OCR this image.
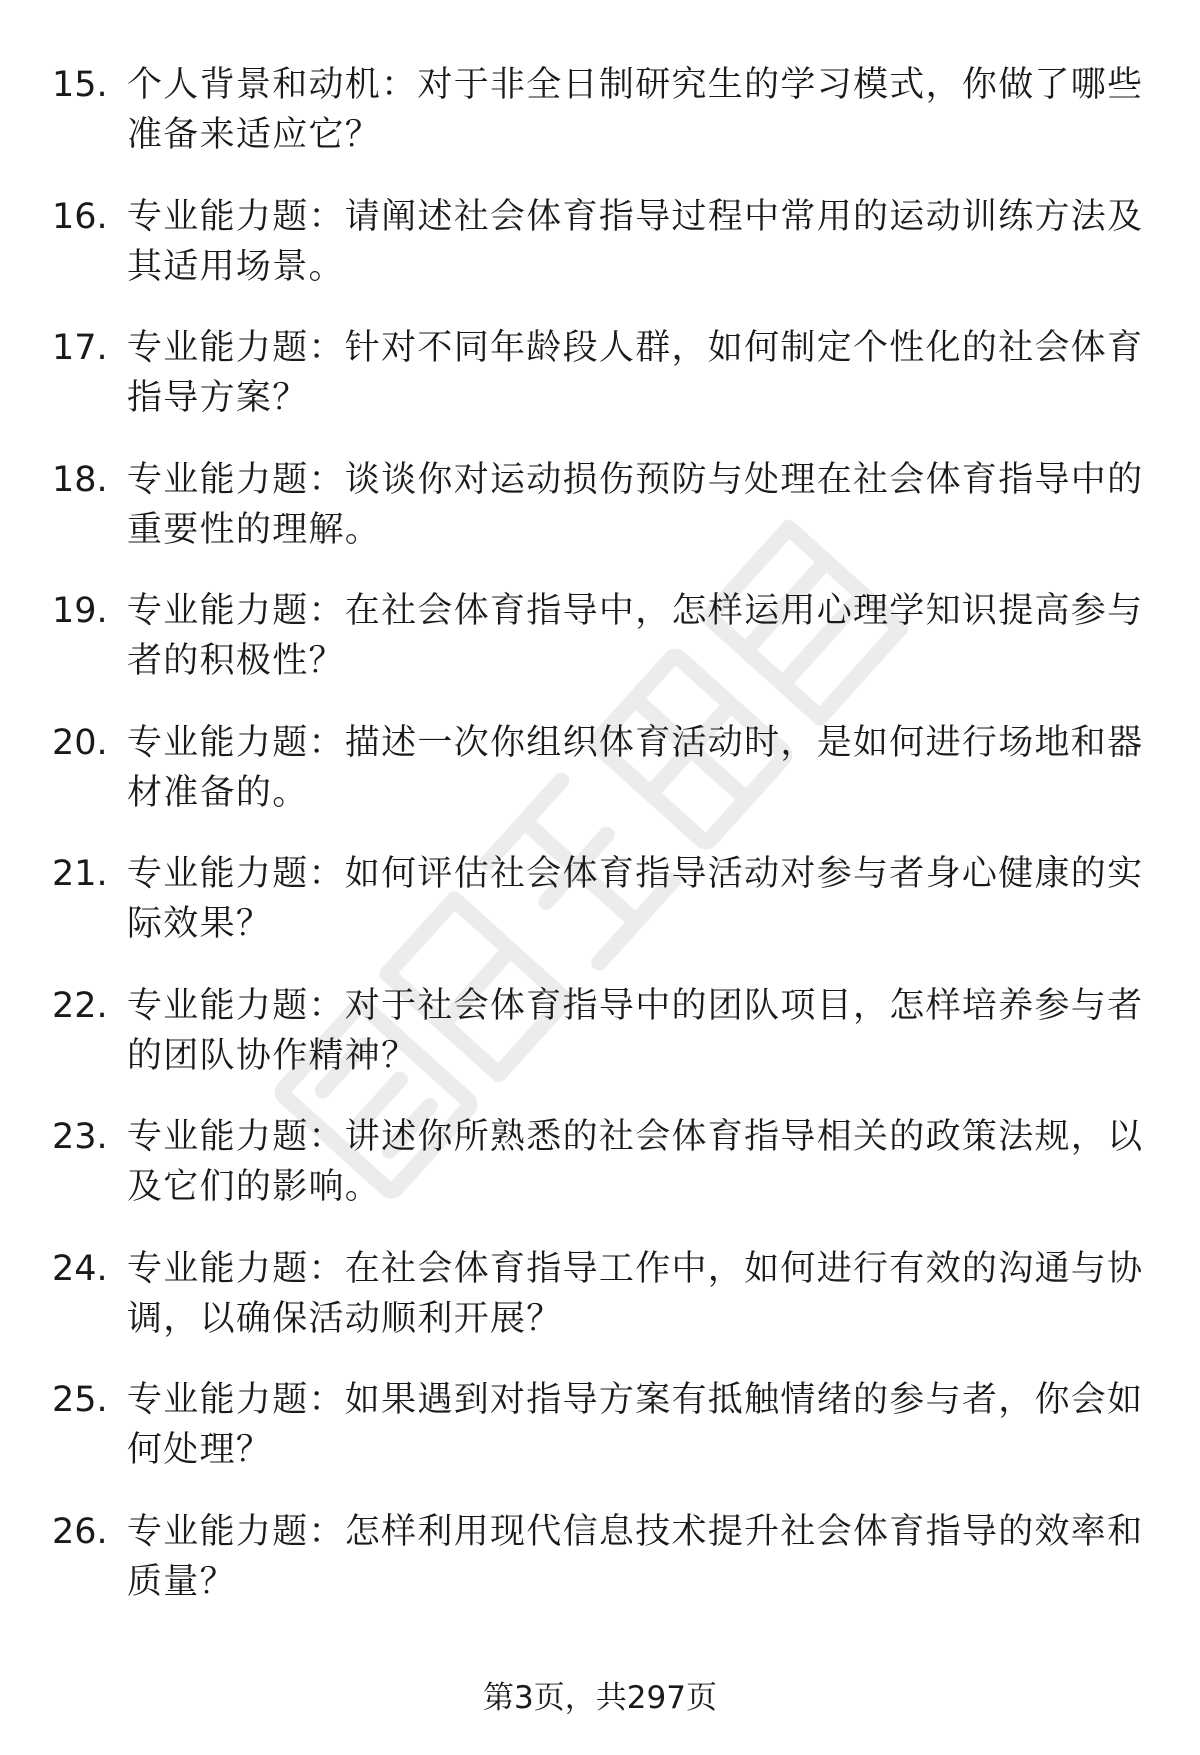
15. 个人背景和动机：对于非全日制研究生的学习模式，你做了哪些准备来适应它？
16. 专业能力题：请阐述社会体育指导过程中常用的运动训练方法及其适用场景。
17. 专业能力题：针对不同年龄段人群，如何制定个性化的社会体育指导方案？
18. 专业能力题：谈谈你对运动损伤预防与处理在社会体育指导中的重要性的理解。
19. 专业能力题：在社会体育指导中，怎样运用心理学知识提高参与者的积极性？
20. 专业能力题：描述一次你组织体育活动时，是如何进行场地和器材准备的。
21. 专业能力题：如何评估社会体育指导活动对参与者身心健康的实际效果？
22. 专业能力题：对于社会体育指导中的团队项目，怎样培养参与者的团队协作精神？
23. 专业能力题：讲述你所熟悉的社会体育指导相关的政策法规，以及它们的影响。
24. 专业能力题：在社会体育指导工作中，如何进行有效的沟通与协调，以确保活动顺利开展？
25. 专业能力题：如果遇到对指导方案有抵触情绪的参与者，你会如何处理？
26. 专业能力题：怎样利用现代信息技术提升社会体育指导的效率和质量？
第3页，共297页
